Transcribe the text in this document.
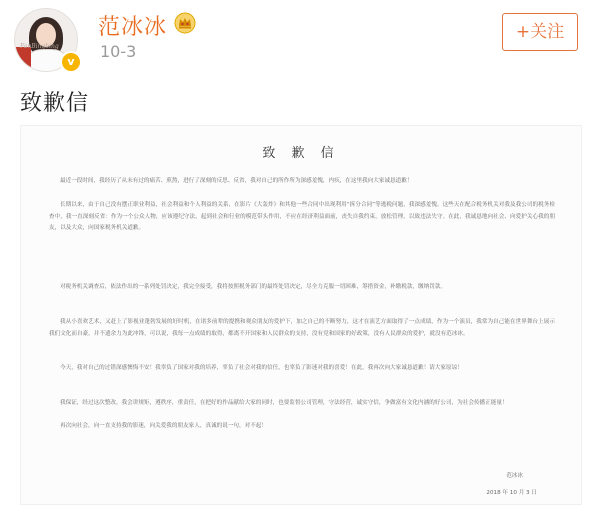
FanBingbing
v
范冰冰
10-3
+关注
致歉信
致 歉 信

最近一段时间，我经历了从未有过的痛苦、煎熬，进行了深刻的反思、反省，我对自己的所作所为深感羞愧，内疚，在这里我向大家诚恳道歉！

长期以来，由于自己没有摆正职业利益，社会利益和个人利益的关系，在影片《大轰炸》和其他一些合同中出现利用“拆分合同”等逃税问题，我深感羞愧。这些天在配合税务机关对我及我公司的税务检查中，我一直深刻反省：作为一个公众人物，应该遵纪守法，起到社会和行业的模范带头作用，不应在经济利益面前，丧失自我约束，放松管理，以致违法失守。在此，我诚恳地向社会、向爱护关心我的朋友，以及大众，向国家税务机关道歉。

对税务机关调查后，依法作出的一系列处罚决定，我完全接受，我将按照税务部门的最终处罚决定，尽全力克服一切困难，筹措资金，补缴税款，缴纳罚款。

我从小喜欢艺术，又赶上了影视业蓬勃发展的好时机，在诸多前辈的提携和观众朋友的爱护下，加之自己的不断努力，这才在演艺方面取得了一点成绩，作为一个演员，我常为自己能在世界舞台上展示我们文化而自豪，并不遗余力为此冲锋，可以说，我每一点成绩的取得，都离不开国家和人民群众的支持，没有党和国家的好政策，没有人民群众的爱护，就没有范冰冰。

今天，我对自己的过错深感懊悔不安！我辜负了国家对我的培养，辜负了社会对我的信任，也辜负了影迷对我的喜爱！在此，我再次向大家诚恳道歉！请大家原谅！

我保证，经过这次整改，我会讲规矩，遵秩序，重责任，在把好的作品献给大家的同时，也要监督公司管理，守法经营，诚实守信，争做富有文化内涵的好公司，为社会传播正能量！

再次向社会，向一直支持我的影迷，向关爱我的朋友家人，真诚的说一句，对不起！

范冰冰
2018 年 10 月 3 日
